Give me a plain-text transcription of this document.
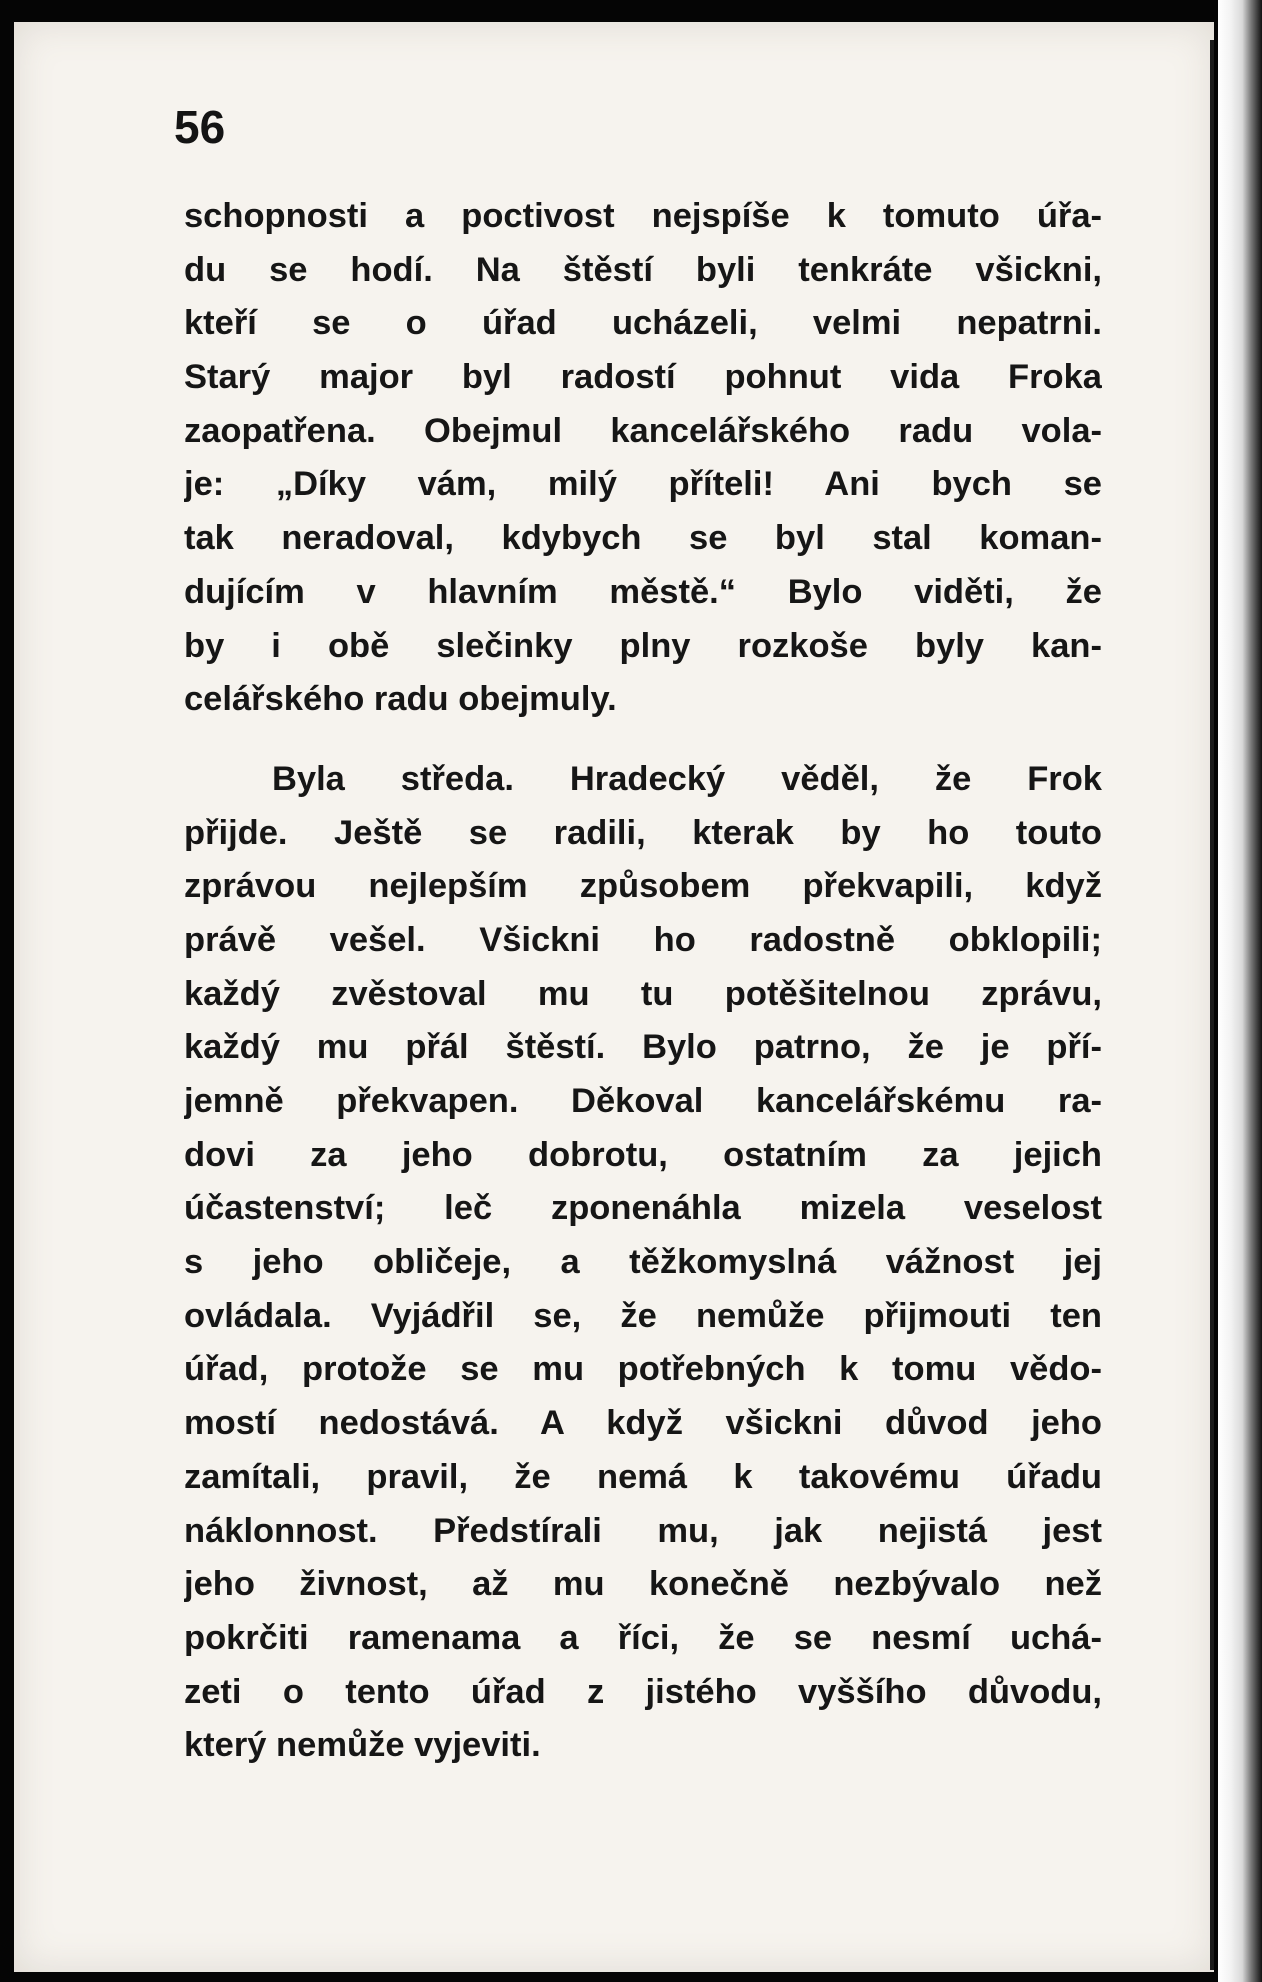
56

schopnosti a poctivost nejspíše k tomuto úřa-
du se hodí. Na štěstí byli tenkráte všickni,
kteří se o úřad ucházeli, velmi nepatrni.
Starý major byl radostí pohnut vida Froka
zaopatřena. Obejmul kancelářského radu vola-
je: „Díky vám, milý příteli! Ani bych se
tak neradoval, kdybych se byl stal koman-
dujícím v hlavním městě.“ Bylo viděti, že
by i obě slečinky plny rozkoše byly kan-
celářského radu obejmuly.
Byla středa. Hradecký věděl, že Frok
přijde. Ještě se radili, kterak by ho touto
zprávou nejlepším způsobem překvapili, když
právě vešel. Všickni ho radostně obklopili;
každý zvěstoval mu tu potěšitelnou zprávu,
každý mu přál štěstí. Bylo patrno, že je pří-
jemně překvapen. Děkoval kancelářskému ra-
dovi za jeho dobrotu, ostatním za jejich
účastenství; leč zponenáhla mizela veselost
s jeho obličeje, a těžkomyslná vážnost jej
ovládala. Vyjádřil se, že nemůže přijmouti ten
úřad, protože se mu potřebných k tomu vědo-
mostí nedostává. A když všickni důvod jeho
zamítali, pravil, že nemá k takovému úřadu
náklonnost. Předstírali mu, jak nejistá jest
jeho živnost, až mu konečně nezbývalo než
pokrčiti ramenama a říci, že se nesmí uchá-
zeti o tento úřad z jistého vyššího důvodu,
který nemůže vyjeviti.
